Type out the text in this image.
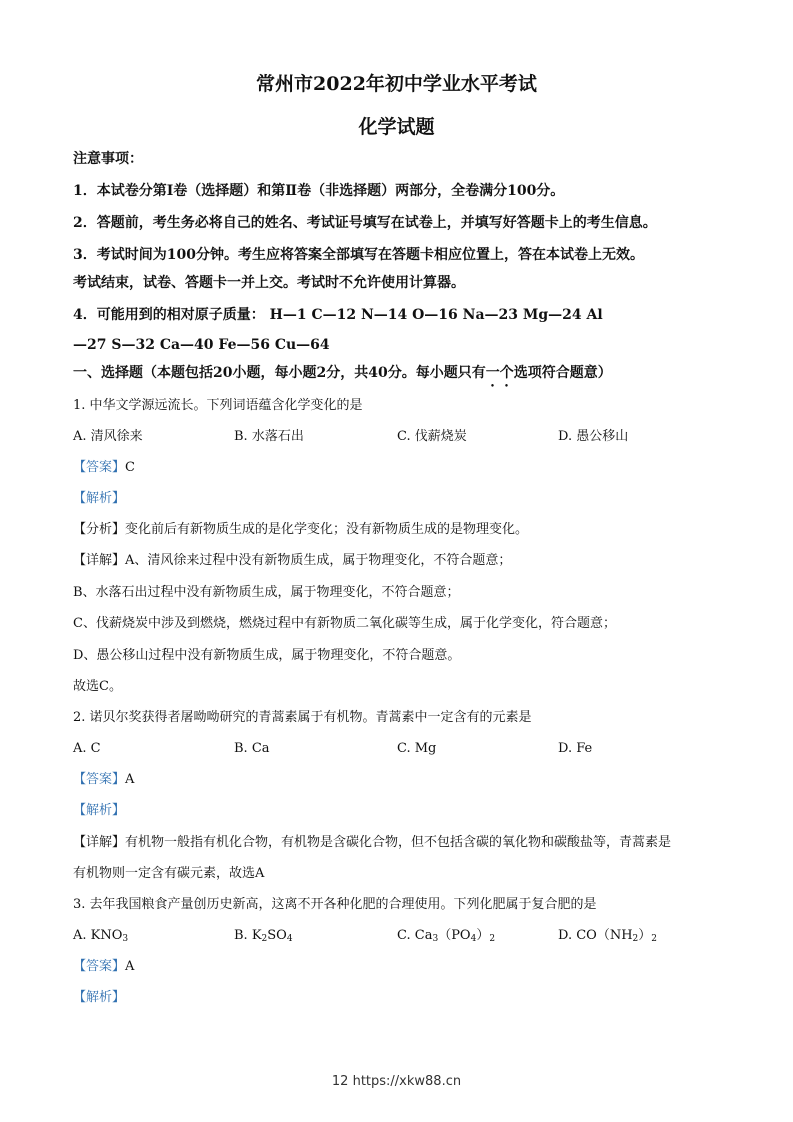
常州市2022年初中学业水平考试
化学试题
注意事项：
1．本试卷分第Ⅰ卷（选择题）和第Ⅱ卷（非选择题）两部分，全卷满分100分。
2．答题前，考生务必将自己的姓名、考试证号填写在试卷上，并填写好答题卡上的考生信息。
3．考试时间为100分钟。考生应将答案全部填写在答题卡相应位置上，答在本试卷上无效。
考试结束，试卷、答题卡一并上交。考试时不允许使用计算器。
4．可能用到的相对原子质量： H—1 C—12 N—14 O—16 Na—23 Mg—24 Al
—27 S—32 Ca—40 Fe—56 Cu—64
一、选择题（本题包括20小题，每小题2分，共40分。每小题只有一个选项符合题意）
1. 中华文学源远流长。下列词语蕴含化学变化的是
A. 清风徐来	B. 水落石出	C. 伐薪烧炭	D. 愚公移山
【答案】C
【解析】
【分析】变化前后有新物质生成的是化学变化；没有新物质生成的是物理变化。
【详解】A、清风徐来过程中没有新物质生成，属于物理变化，不符合题意；
B、水落石出过程中没有新物质生成，属于物理变化，不符合题意；
C、伐薪烧炭中涉及到燃烧，燃烧过程中有新物质二氧化碳等生成，属于化学变化，符合题意；
D、愚公移山过程中没有新物质生成，属于物理变化，不符合题意。
故选C。
2. 诺贝尔奖获得者屠呦呦研究的青蒿素属于有机物。青蒿素中一定含有的元素是
A. C	B. Ca	C. Mg	D. Fe
【答案】A
【解析】
【详解】有机物一般指有机化合物，有机物是含碳化合物，但不包括含碳的氧化物和碳酸盐等，青蒿素是
有机物则一定含有碳元素，故选A
3. 去年我国粮食产量创历史新高，这离不开各种化肥的合理使用。下列化肥属于复合肥的是
A. $KNO_3$	B. $K_2SO_4$	C. $Ca_3(PO_4)_2$	D. $CO(NH_2)_2$
【答案】A
【解析】
12 https://xkw88.cn
